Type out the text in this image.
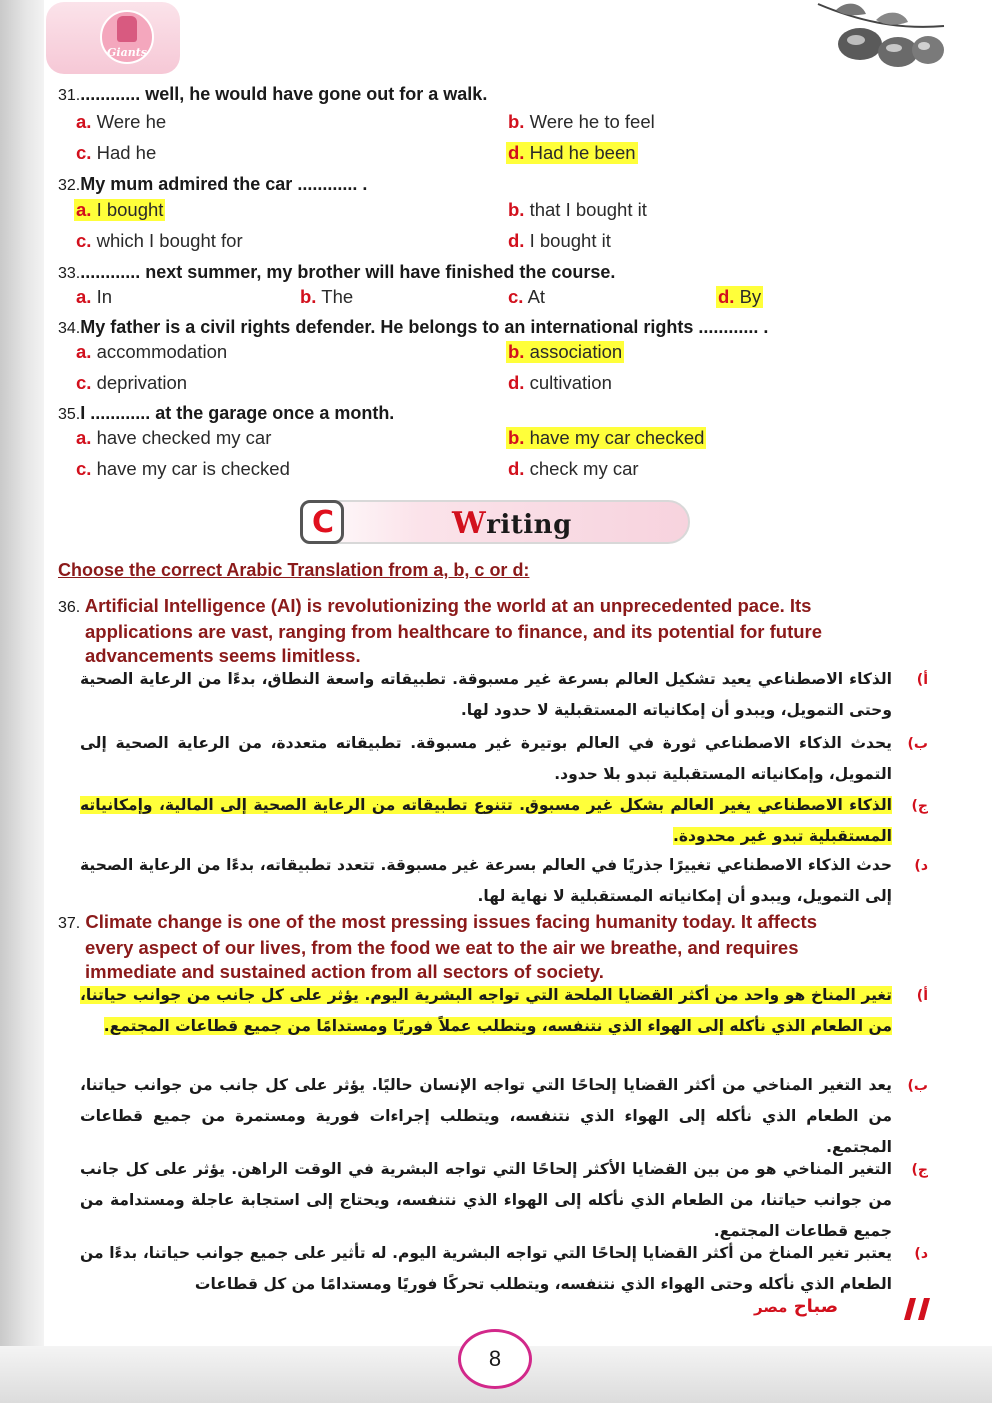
Giants
31............. well, he would have gone out for a walk.
a. Were he	b. Were he to feel
c. Had he	d. Had he been
32.My mum admired the car ............ .
a. I bought	b. that I bought it
c. which I bought for	d. I bought it
33............. next summer, my brother will have finished the course.
a. In	b. The	c. At	d. By
34.My father is a civil rights defender. He belongs to an international rights ............ .
a. accommodation	b. association
c. deprivation	d. cultivation
35.I ............ at the garage once a month.
a. have checked my car	b. have my car checked
c. have my car is checked	d. check my car
C	Writing
Choose the correct Arabic Translation from a, b, c or d:
36. Artificial Intelligence (AI) is revolutionizing the world at an unprecedented pace. Its
applications are vast, ranging from healthcare to finance, and its potential for future
advancements seems limitless.
(أ
الذكاء الاصطناعي يعيد تشكيل العالم بسرعة غير مسبوقة. تطبيقاته واسعة النطاق، بدءًا من الرعاية الصحية وحتى التمويل، ويبدو أن إمكانياته المستقبلية لا حدود لها.
(ب
يحدث الذكاء الاصطناعي ثورة في العالم بوتيرة غير مسبوقة. تطبيقاته متعددة، من الرعاية الصحية إلى التمويل، وإمكانياته المستقبلية تبدو بلا حدود.
(ج
الذكاء الاصطناعي يغير العالم بشكل غير مسبوق. تتنوع تطبيقاته من الرعاية الصحية إلى المالية، وإمكانياته المستقبلية تبدو غير محدودة.
(د
حدث الذكاء الاصطناعي تغييرًا جذريًا في العالم بسرعة غير مسبوقة. تتعدد تطبيقاته، بدءًا من الرعاية الصحية إلى التمويل، ويبدو أن إمكانياته المستقبلية لا نهاية لها.
37. Climate change is one of the most pressing issues facing humanity today. It affects
every aspect of our lives, from the food we eat to the air we breathe, and requires
immediate and sustained action from all sectors of society.
(أ
تغير المناخ هو واحد من أكثر القضايا الملحة التي تواجه البشرية اليوم. يؤثر على كل جانب من جوانب حياتنا، من الطعام الذي نأكله إلى الهواء الذي نتنفسه، ويتطلب عملاً فوريًا ومستدامًا من جميع قطاعات المجتمع.
(ب
يعد التغير المناخي من أكثر القضايا إلحاحًا التي تواجه الإنسان حاليًا. يؤثر على كل جانب من جوانب حياتنا، من الطعام الذي نأكله إلى الهواء الذي نتنفسه، ويتطلب إجراءات فورية ومستمرة من جميع قطاعات المجتمع.
(ج
التغير المناخي هو من بين القضايا الأكثر إلحاحًا التي تواجه البشرية في الوقت الراهن. يؤثر على كل جانب من جوانب حياتنا، من الطعام الذي نأكله إلى الهواء الذي نتنفسه، ويحتاج إلى استجابة عاجلة ومستدامة من جميع قطاعات المجتمع.
(د
يعتبر تغير المناخ من أكثر القضايا إلحاحًا التي تواجه البشرية اليوم. له تأثير على جميع جوانب حياتنا، بدءًا من الطعام الذي نأكله وحتى الهواء الذي نتنفسه، ويتطلب تحركًا فوريًا ومستدامًا من كل قطاعات
صباح مصر
8
